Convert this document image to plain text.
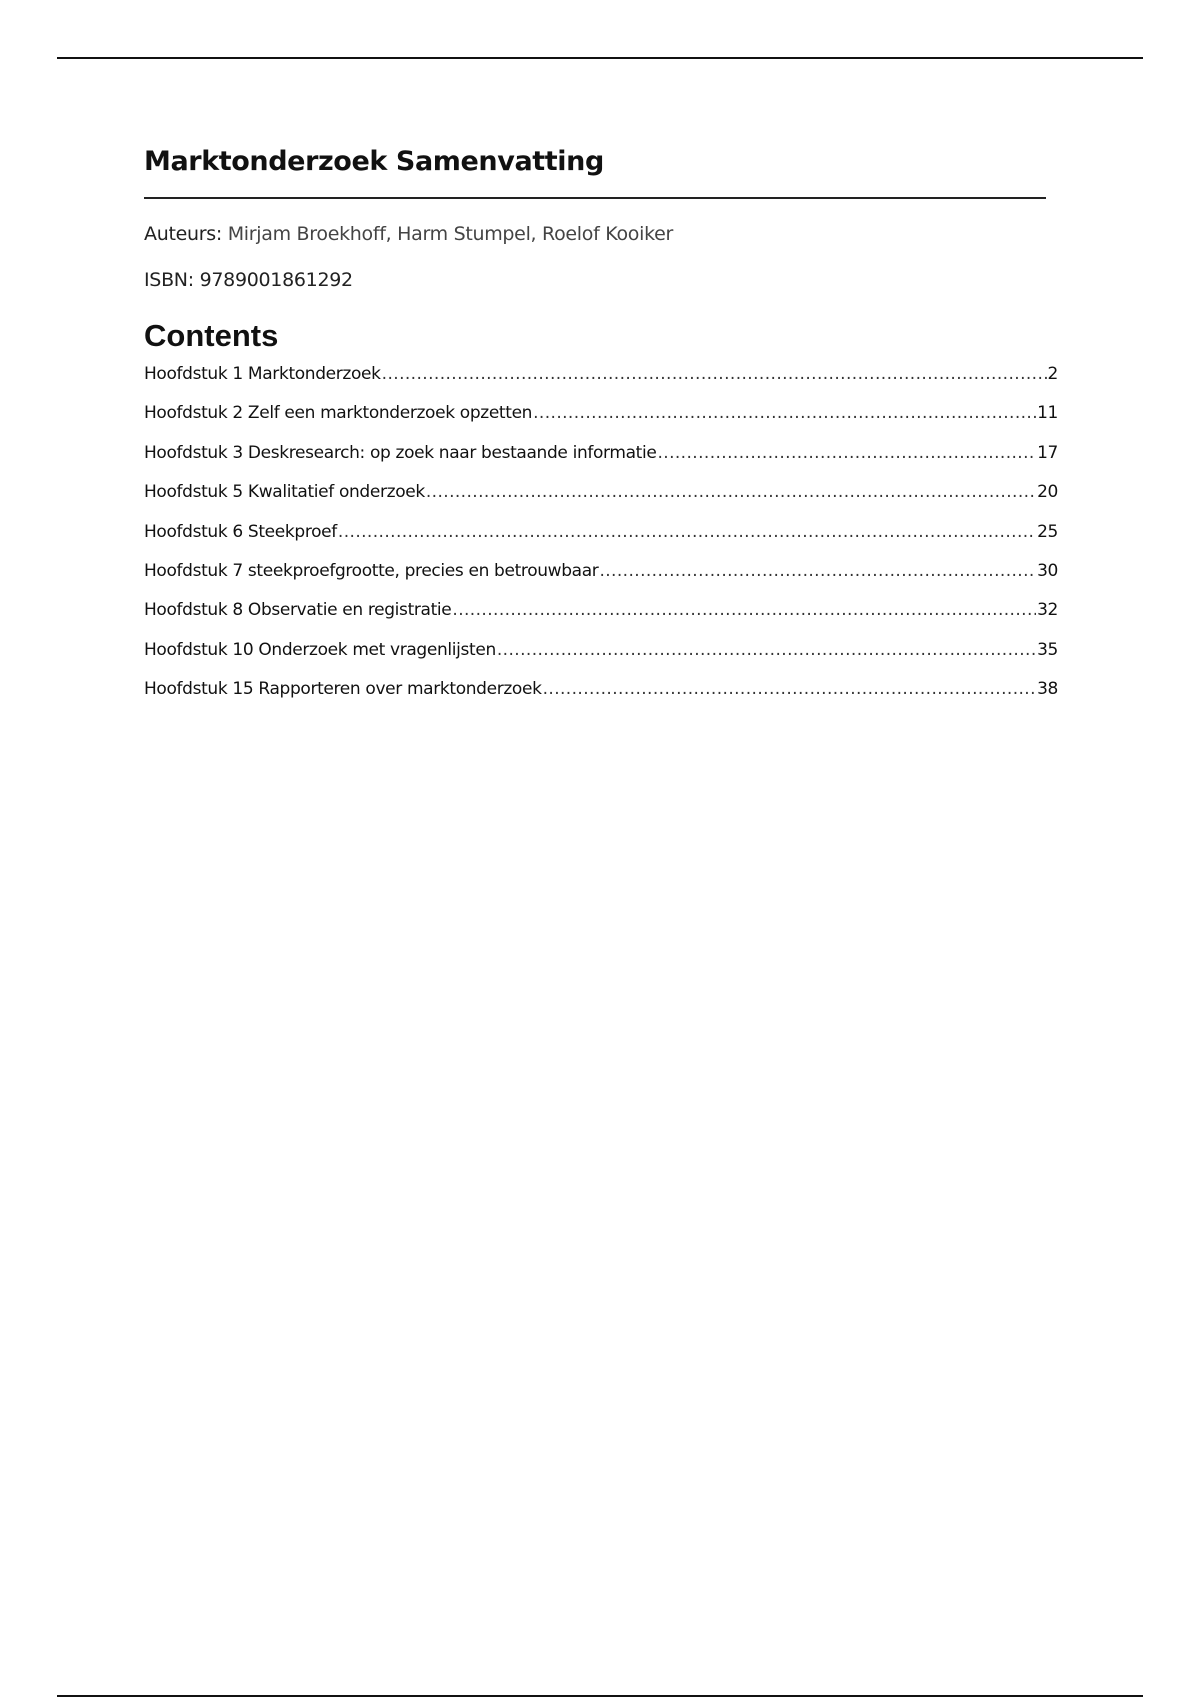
Marktonderzoek Samenvatting
Auteurs: Mirjam Broekhoff, Harm Stumpel, Roelof Kooiker
ISBN: 9789001861292
Contents
Hoofdstuk 1 Marktonderzoek .....	2
Hoofdstuk 2 Zelf een marktonderzoek opzetten .....	11
Hoofdstuk 3 Deskresearch: op zoek naar bestaande informatie .....	17
Hoofdstuk 5 Kwalitatief onderzoek .....	20
Hoofdstuk 6 Steekproef .....	25
Hoofdstuk 7 steekproefgrootte, precies en betrouwbaar .....	30
Hoofdstuk 8 Observatie en registratie .....	32
Hoofdstuk 10 Onderzoek met vragenlijsten .....	35
Hoofdstuk 15 Rapporteren over marktonderzoek .....	38
